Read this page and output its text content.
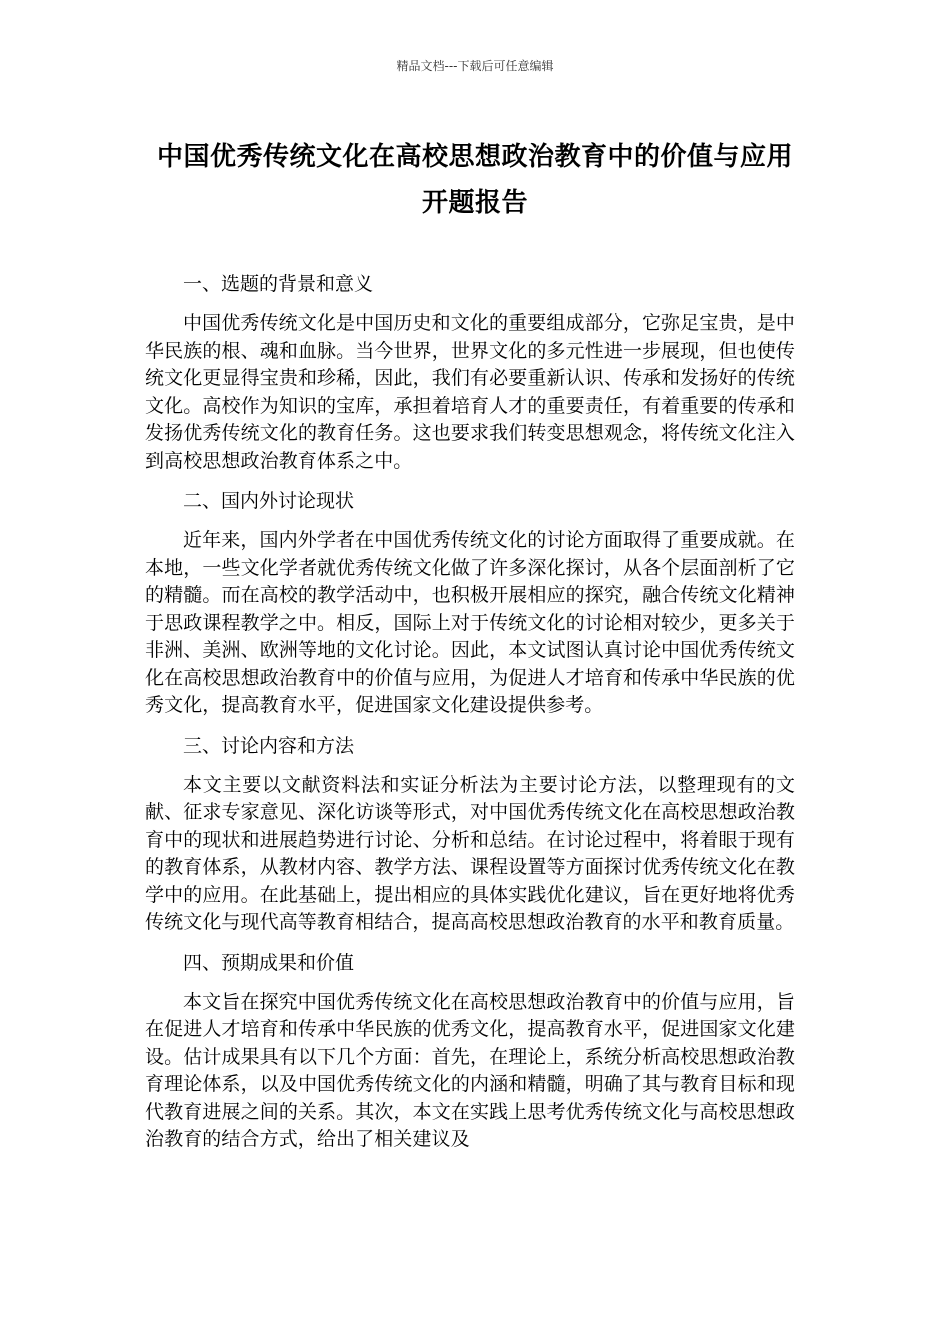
精品文档---下载后可任意编辑
中国优秀传统文化在高校思想政治教育中的价值与应用开题报告

一、选题的背景和意义

中国优秀传统文化是中国历史和文化的重要组成部分，它弥足宝贵，是中华民族的根、魂和血脉。当今世界，世界文化的多元性进一步展现，但也使传统文化更显得宝贵和珍稀，因此，我们有必要重新认识、传承和发扬好的传统文化。高校作为知识的宝库，承担着培育人才的重要责任，有着重要的传承和发扬优秀传统文化的教育任务。这也要求我们转变思想观念，将传统文化注入到高校思想政治教育体系之中。

二、国内外讨论现状

近年来，国内外学者在中国优秀传统文化的讨论方面取得了重要成就。在本地，一些文化学者就优秀传统文化做了许多深化探讨，从各个层面剖析了它的精髓。而在高校的教学活动中，也积极开展相应的探究，融合传统文化精神于思政课程教学之中。相反，国际上对于传统文化的讨论相对较少，更多关于非洲、美洲、欧洲等地的文化讨论。因此，本文试图认真讨论中国优秀传统文化在高校思想政治教育中的价值与应用，为促进人才培育和传承中华民族的优秀文化，提高教育水平，促进国家文化建设提供参考。

三、讨论内容和方法

本文主要以文献资料法和实证分析法为主要讨论方法，以整理现有的文献、征求专家意见、深化访谈等形式，对中国优秀传统文化在高校思想政治教育中的现状和进展趋势进行讨论、分析和总结。在讨论过程中，将着眼于现有的教育体系，从教材内容、教学方法、课程设置等方面探讨优秀传统文化在教学中的应用。在此基础上，提出相应的具体实践优化建议，旨在更好地将优秀传统文化与现代高等教育相结合，提高高校思想政治教育的水平和教育质量。

四、预期成果和价值

本文旨在探究中国优秀传统文化在高校思想政治教育中的价值与应用，旨在促进人才培育和传承中华民族的优秀文化，提高教育水平，促进国家文化建设。估计成果具有以下几个方面：首先，在理论上，系统分析高校思想政治教育理论体系，以及中国优秀传统文化的内涵和精髓，明确了其与教育目标和现代教育进展之间的关系。其次，本文在实践上思考优秀传统文化与高校思想政治教育的结合方式，给出了相关建议及
